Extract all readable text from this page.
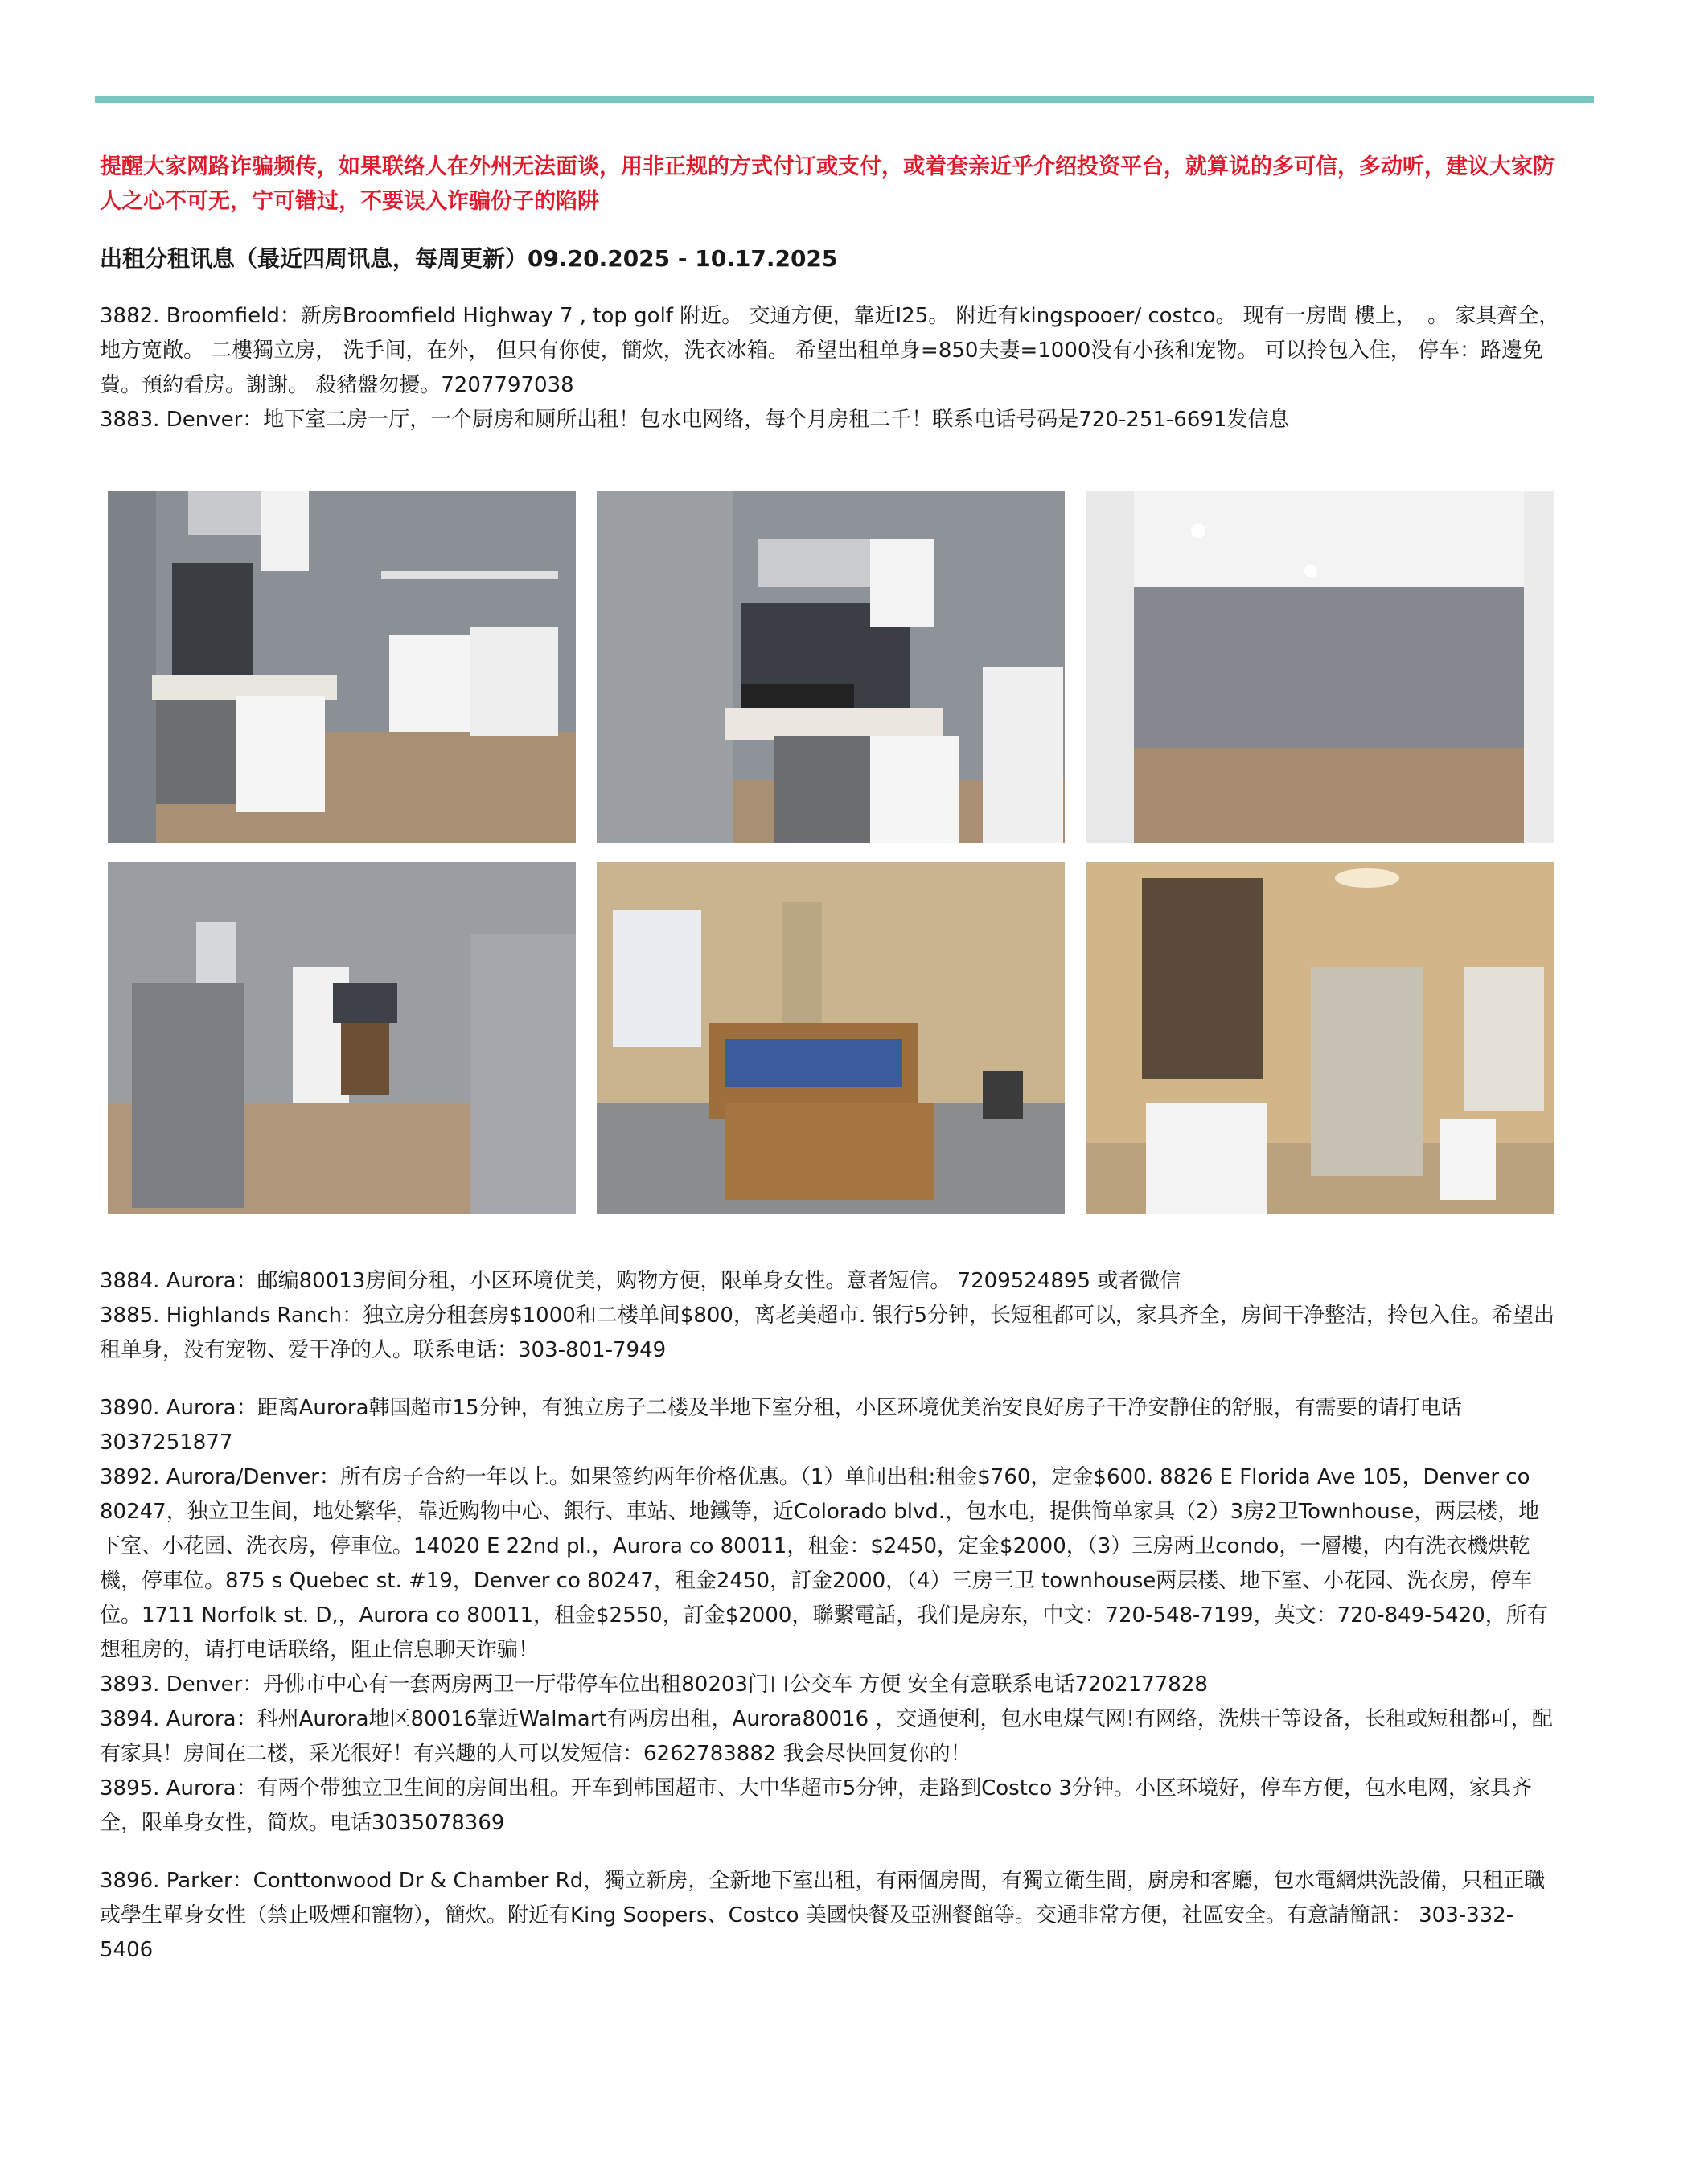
提醒大家网路诈骗频传，如果联络人在外州无法面谈，用非正规的方式付订或支付，或着套亲近乎介绍投资平台，就算说的多可信，多动听，建议大家防人之心不可无，宁可错过，不要误入诈骗份子的陷阱
出租分租讯息（最近四周讯息，每周更新）09.20.2025 - 10.17.2025

3882. Broomfield：新房Broomfield Highway 7 , top golf 附近。 交通方便，靠近I25。 附近有kingspooer/ costco。 现有一房間 樓上，　。 家具齊全，地方宽敞。 二樓獨立房， 洗手间，在外， 但只有你使，簡炊，洗衣冰箱。 希望出租单身=850夫妻=1000没有小孩和宠物。 可以拎包入住， 停车：路邊免費。預約看房。謝謝。 殺豬盤勿擾。7207797038

3883. Denver：地下室二房一厅，一个厨房和厕所出租！包水电网络，每个月房租二千！联系电话号码是720-251-6691发信息

3884. Aurora：邮编80013房间分租，小区环境优美，购物方便，限单身女性。意者短信。 7209524895 或者微信

3885. Highlands Ranch：独立房分租套房$1000和二楼单间$800，离老美超市. 银行5分钟，长短租都可以，家具齐全，房间干净整洁，拎包入住。希望出租单身，没有宠物、爱干净的人。联系电话：303-801-7949

3890. Aurora：距离Aurora韩国超市15分钟，有独立房子二楼及半地下室分租，小区环境优美治安良好房子干净安静住的舒服，有需要的请打电话3037251877

3892. Aurora/Denver：所有房子合約一年以上。如果签约两年价格优惠。（1）单间出租:租金$760，定金$600. 8826 E Florida Ave 105，Denver co 80247，独立卫生间，地处繁华，靠近购物中心、銀行、車站、地鐵等，近Colorado blvd.，包水电，提供简单家具（2）3房2卫Townhouse，两层楼，地下室、小花园、洗衣房，停車位。14020 E 22nd pl.，Aurora co 80011，租金：$2450，定金$2000，（3）三房两卫condo，一層樓，内有洗衣機烘乾機，停車位。875 s Quebec st. #19，Denver co 80247，租金2450，訂金2000，（4）三房三卫 townhouse两层楼、地下室、小花园、洗衣房，停车位。1711 Norfolk st. D,，Aurora co 80011，租金$2550，訂金$2000，聯繫電話，我们是房东，中文：720-548-7199，英文：720-849-5420，所有想租房的，请打电话联络，阻止信息聊天诈骗！

3893. Denver：丹佛市中心有一套两房两卫一厅带停车位出租80203门口公交车 方便 安全有意联系电话7202177828

3894. Aurora：科州Aurora地区80016靠近Walmart有两房出租，Aurora80016 ，交通便利，包水电煤气网!有网络，洗烘干等设备，长租或短租都可，配有家具！房间在二楼，采光很好！有兴趣的人可以发短信：6262783882 我会尽快回复你的！

3895. Aurora：有两个带独立卫生间的房间出租。开车到韩国超市、大中华超市5分钟，走路到Costco 3分钟。小区环境好，停车方便，包水电网，家具齐全，限单身女性，简炊。电话3035078369

3896. Parker：Conttonwood Dr & Chamber Rd，獨立新房，全新地下室出租，有兩個房間，有獨立衛生間，廚房和客廳，包水電網烘洗設備，只租正職或學生單身女性（禁止吸煙和寵物），簡炊。附近有King Soopers、Costco 美國快餐及亞洲餐館等。交通非常方便，社區安全。有意請簡訊： 303-332-5406
